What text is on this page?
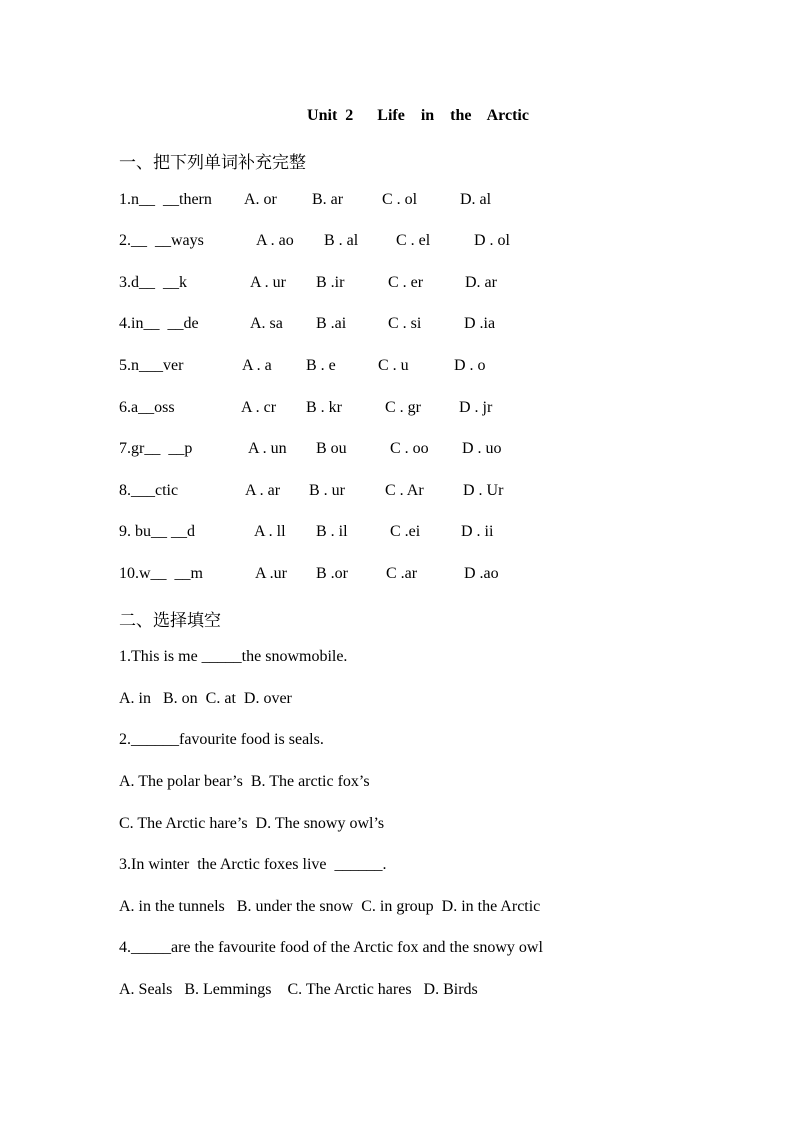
Unit 2   Life  in  the  Arctic
一、把下列单词补充完整
1.n__  __thern A. or B. ar C . ol	D. al
2.__  __ways	A . ao B . al C . el	D . ol
3.d__  __k	A . ur B .ir	C . er	D. ar
4.in__  __de	A. sa B .ai	C . si	D .ia
5.n___ver	A . a B . e	C . u	D . o
6.a__oss	A . cr B . kr	C . gr D . jr
7.gr__  __p	A . un B ou	C . oo D . uo
8.___ctic	A . ar B . ur	C . Ar D . Ur
9. bu__ __d	A . ll B . il	C .ei	D . ii
10.w__  __m	A .ur B .or C .ar	D .ao
二、选择填空
1.This is me _____the snowmobile.
A. in   B. on  C. at  D. over
2.______favourite food is seals.
A. The polar bear’s  B. The arctic fox’s
C. The Arctic hare’s  D. The snowy owl’s
3.In winter  the Arctic foxes live  ______.
A. in the tunnels   B. under the snow  C. in group  D. in the Arctic
4._____are the favourite food of the Arctic fox and the snowy owl
A. Seals   B. Lemmings    C. The Arctic hares   D. Birds
